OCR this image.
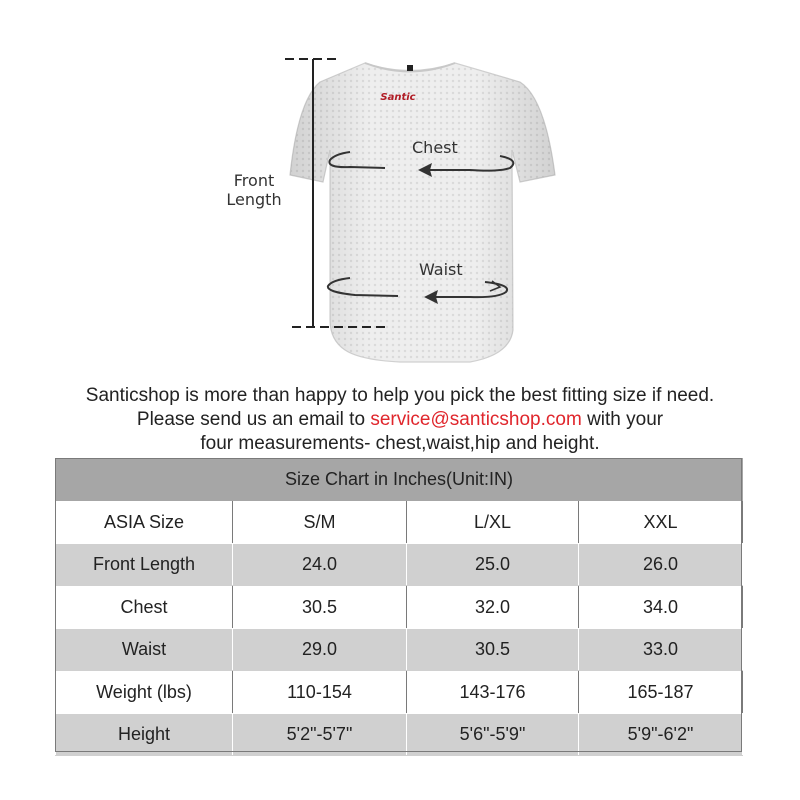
Santic
Front
Length
Chest
Waist
Santicshop is more than happy to help you pick the best fitting size if need.
Please send us an email to service@santicshop.com with your
four measurements- chest,waist,hip and height.
Size Chart in Inches(Unit:IN)			
ASIA Size	S/M	L/XL	XXL
Front Length	24.0	25.0	26.0
Chest	30.5	32.0	34.0
Waist	29.0	30.5	33.0
Weight (lbs)	110-154	143-176	165-187
Height	5'2"-5'7"	5'6"-5'9"	5'9"-6'2"
